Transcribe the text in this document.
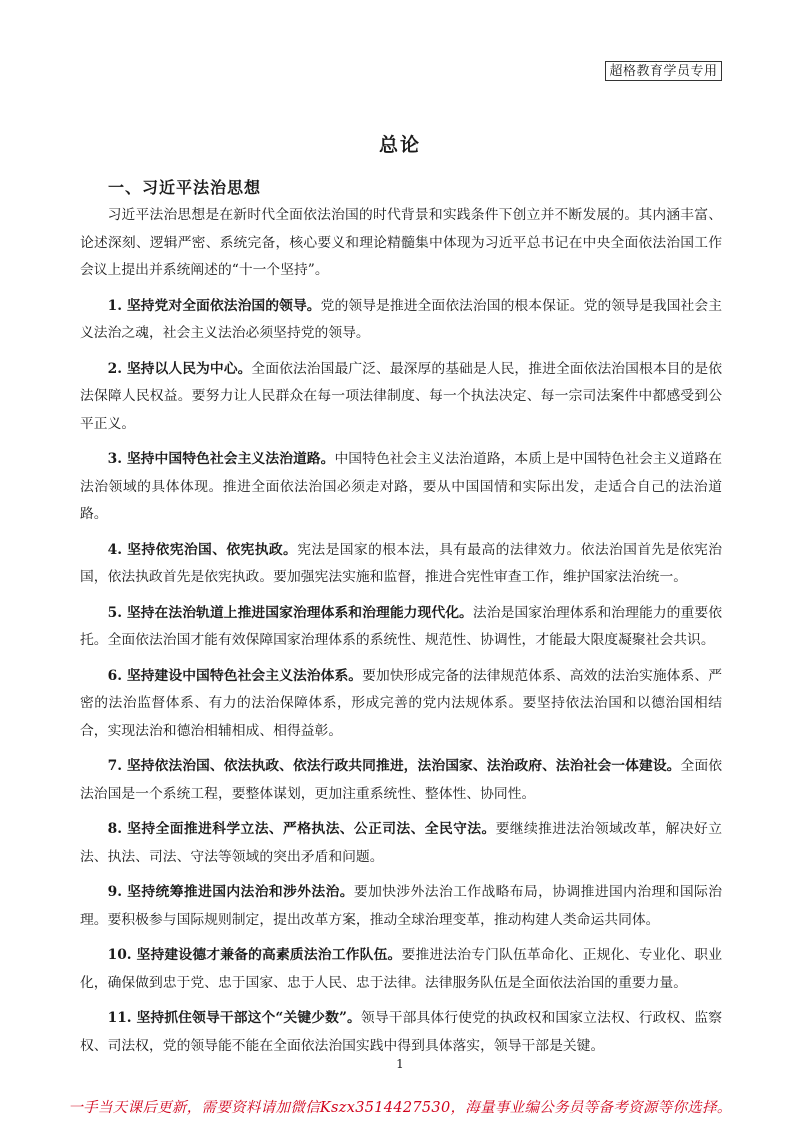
超格教育学员专用
总论
一、习近平法治思想

习近平法治思想是在新时代全面依法治国的时代背景和实践条件下创立并不断发展的。其内涵丰富、论述深刻、逻辑严密、系统完备，核心要义和理论精髓集中体现为习近平总书记在中央全面依法治国工作会议上提出并系统阐述的“十一个坚持”。

1. 坚持党对全面依法治国的领导。党的领导是推进全面依法治国的根本保证。党的领导是我国社会主义法治之魂，社会主义法治必须坚持党的领导。

2. 坚持以人民为中心。全面依法治国最广泛、最深厚的基础是人民，推进全面依法治国根本目的是依法保障人民权益。要努力让人民群众在每一项法律制度、每一个执法决定、每一宗司法案件中都感受到公平正义。

3. 坚持中国特色社会主义法治道路。中国特色社会主义法治道路，本质上是中国特色社会主义道路在法治领域的具体体现。推进全面依法治国必须走对路，要从中国国情和实际出发，走适合自己的法治道路。

4. 坚持依宪治国、依宪执政。宪法是国家的根本法，具有最高的法律效力。依法治国首先是依宪治国，依法执政首先是依宪执政。要加强宪法实施和监督，推进合宪性审查工作，维护国家法治统一。

5. 坚持在法治轨道上推进国家治理体系和治理能力现代化。法治是国家治理体系和治理能力的重要依托。全面依法治国才能有效保障国家治理体系的系统性、规范性、协调性，才能最大限度凝聚社会共识。

6. 坚持建设中国特色社会主义法治体系。要加快形成完备的法律规范体系、高效的法治实施体系、严密的法治监督体系、有力的法治保障体系，形成完善的党内法规体系。要坚持依法治国和以德治国相结合，实现法治和德治相辅相成、相得益彰。

7. 坚持依法治国、依法执政、依法行政共同推进，法治国家、法治政府、法治社会一体建设。全面依法治国是一个系统工程，要整体谋划，更加注重系统性、整体性、协同性。

8. 坚持全面推进科学立法、严格执法、公正司法、全民守法。要继续推进法治领域改革，解决好立法、执法、司法、守法等领域的突出矛盾和问题。

9. 坚持统筹推进国内法治和涉外法治。要加快涉外法治工作战略布局，协调推进国内治理和国际治理。要积极参与国际规则制定，提出改革方案，推动全球治理变革，推动构建人类命运共同体。

10. 坚持建设德才兼备的高素质法治工作队伍。要推进法治专门队伍革命化、正规化、专业化、职业化，确保做到忠于党、忠于国家、忠于人民、忠于法律。法律服务队伍是全面依法治国的重要力量。

11. 坚持抓住领导干部这个“关键少数”。领导干部具体行使党的执政权和国家立法权、行政权、监察权、司法权，党的领导能不能在全面依法治国实践中得到具体落实，领导干部是关键。

1
一手当天课后更新，需要资料请加微信Kszx3514427530，海量事业编公务员等备考资源等你选择。
